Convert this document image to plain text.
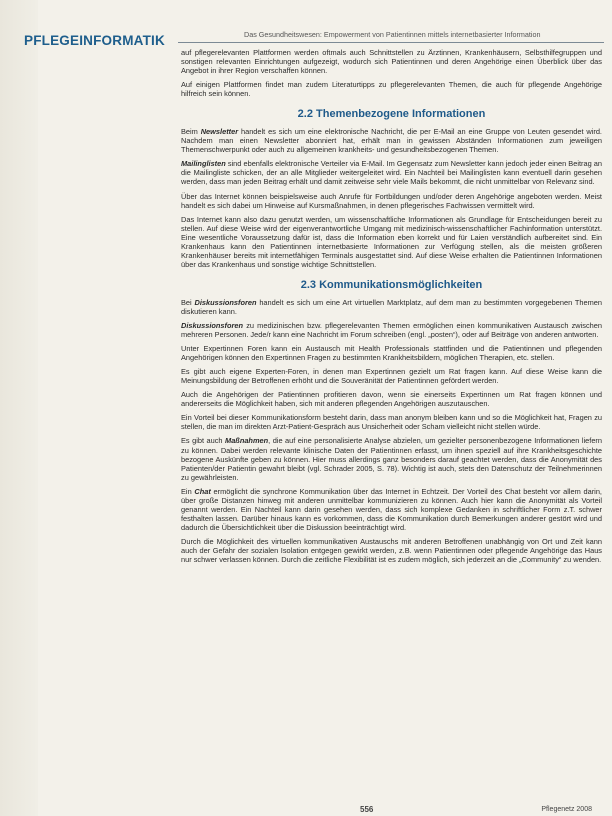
PFLEGEINFORMATIK	Das Gesundheitswesen: Empowerment von Patientinnen mittels internetbasierter Information

auf pflegerelevanten Plattformen werden oftmals auch Schnittstellen zu Ärztinnen, Krankenhäusern, Selbsthilfegruppen und sonstigen relevanten Einrichtungen aufgezeigt, wodurch sich Patientinnen und deren Angehörige einen Überblick über das Angebot in ihrer Region verschaffen können.

Auf einigen Plattformen findet man zudem Literaturtipps zu pflegerelevanten Themen, die auch für pflegende Angehörige hilfreich sein können.

2.2 Themenbezogene Informationen

Beim Newsletter handelt es sich um eine elektronische Nachricht, die per E-Mail an eine Gruppe von Leuten gesendet wird. Nachdem man einen Newsletter abonniert hat, erhält man in gewissen Abständen Informationen zum jeweiligen Themenschwerpunkt oder auch zu allgemeinen krankheits- und gesundheitsbezogenen Themen.

Mailinglisten sind ebenfalls elektronische Verteiler via E-Mail. Im Gegensatz zum Newsletter kann jedoch jeder einen Beitrag an die Mailingliste schicken, der an alle Mitglieder weitergeleitet wird. Ein Nachteil bei Mailinglisten kann eventuell darin gesehen werden, dass man jeden Beitrag erhält und damit zeitweise sehr viele Mails bekommt, die nicht unmittelbar von Relevanz sind.

Über das Internet können beispielsweise auch Anrufe für Fortbildungen und/oder deren Angehörige angeboten werden. Meist handelt es sich dabei um Hinweise auf Kursmaßnahmen, in denen pflegerisches Fachwissen vermittelt wird.

Das Internet kann also dazu genutzt werden, um wissenschaftliche Informationen als Grundlage für Entscheidungen bereit zu stellen. Auf diese Weise wird der eigenverantwortliche Umgang mit medizinisch-wissenschaftlicher Fachinformation unterstützt. Eine wesentliche Voraussetzung dafür ist, dass die Information eben korrekt und für Laien verständlich aufbereitet sind. Ein Krankenhaus kann den Patientinnen internetbasierte Informationen zur Verfügung stellen, als die meisten größeren Krankenhäuser bereits mit internetfähigen Terminals ausgestattet sind. Auf diese Weise erhalten die Patientinnen Informationen über das Krankenhaus und sonstige wichtige Schnittstellen.

2.3 Kommunikationsmöglichkeiten

Bei Diskussionsforen handelt es sich um eine Art virtuellen Marktplatz, auf dem man zu bestimmten vorgegebenen Themen diskutieren kann.

Diskussionsforen zu medizinischen bzw. pflegerelevanten Themen ermöglichen einen kommunikativen Austausch zwischen mehreren Personen. Jede/r kann eine Nachricht im Forum schreiben (engl. „posten“), oder auf Beiträge von anderen antworten.

Unter Expertinnen Foren kann ein Austausch mit Health Professionals stattfinden und die Patientinnen und pflegenden Angehörigen können den Expertinnen Fragen zu bestimmten Krankheitsbildern, möglichen Therapien, etc. stellen.

Es gibt auch eigene Experten-Foren, in denen man Expertinnen gezielt um Rat fragen kann. Auf diese Weise kann die Meinungsbildung der Betroffenen erhöht und die Souveränität der Patientinnen gefördert werden.

Auch die Angehörigen der Patientinnen profitieren davon, wenn sie einerseits Expertinnen um Rat fragen können und andererseits die Möglichkeit haben, sich mit anderen pflegenden Angehörigen auszutauschen.

Ein Vorteil bei dieser Kommunikationsform besteht darin, dass man anonym bleiben kann und so die Möglichkeit hat, Fragen zu stellen, die man im direkten Arzt-Patient-Gespräch aus Unsicherheit oder Scham vielleicht nicht stellen würde.

Es gibt auch Maßnahmen, die auf eine personalisierte Analyse abzielen, um gezielter personenbezogene Informationen liefern zu können. Dabei werden relevante klinische Daten der Patientinnen erfasst, um ihnen speziell auf ihre Krankheitsgeschichte bezogene Auskünfte geben zu können. Hier muss allerdings ganz besonders darauf geachtet werden, dass die Anonymität des Patienten/der Patientin gewahrt bleibt (vgl. Schrader 2005, S. 78). Wichtig ist auch, stets den Datenschutz der Teilnehmerinnen zu gewährleisten.

Ein Chat ermöglicht die synchrone Kommunikation über das Internet in Echtzeit. Der Vorteil des Chat besteht vor allem darin, über große Distanzen hinweg mit anderen unmittelbar kommunizieren zu können. Auch hier kann die Anonymität als Vorteil genannt werden. Ein Nachteil kann darin gesehen werden, dass sich komplexe Gedanken in schriftlicher Form z.T. schwer festhalten lassen. Darüber hinaus kann es vorkommen, dass die Kommunikation durch Bemerkungen anderer gestört wird und dadurch die Übersichtlichkeit über die Diskussion beeinträchtigt wird.

Durch die Möglichkeit des virtuellen kommunikativen Austauschs mit anderen Betroffenen unabhängig von Ort und Zeit kann auch der Gefahr der sozialen Isolation entgegen gewirkt werden, z.B. wenn Patientinnen oder pflegende Angehörige das Haus nur schwer verlassen können. Durch die zeitliche Flexibilität ist es zudem möglich, sich jederzeit an die „Community“ zu wenden.

556	Pflegenetz 2008
